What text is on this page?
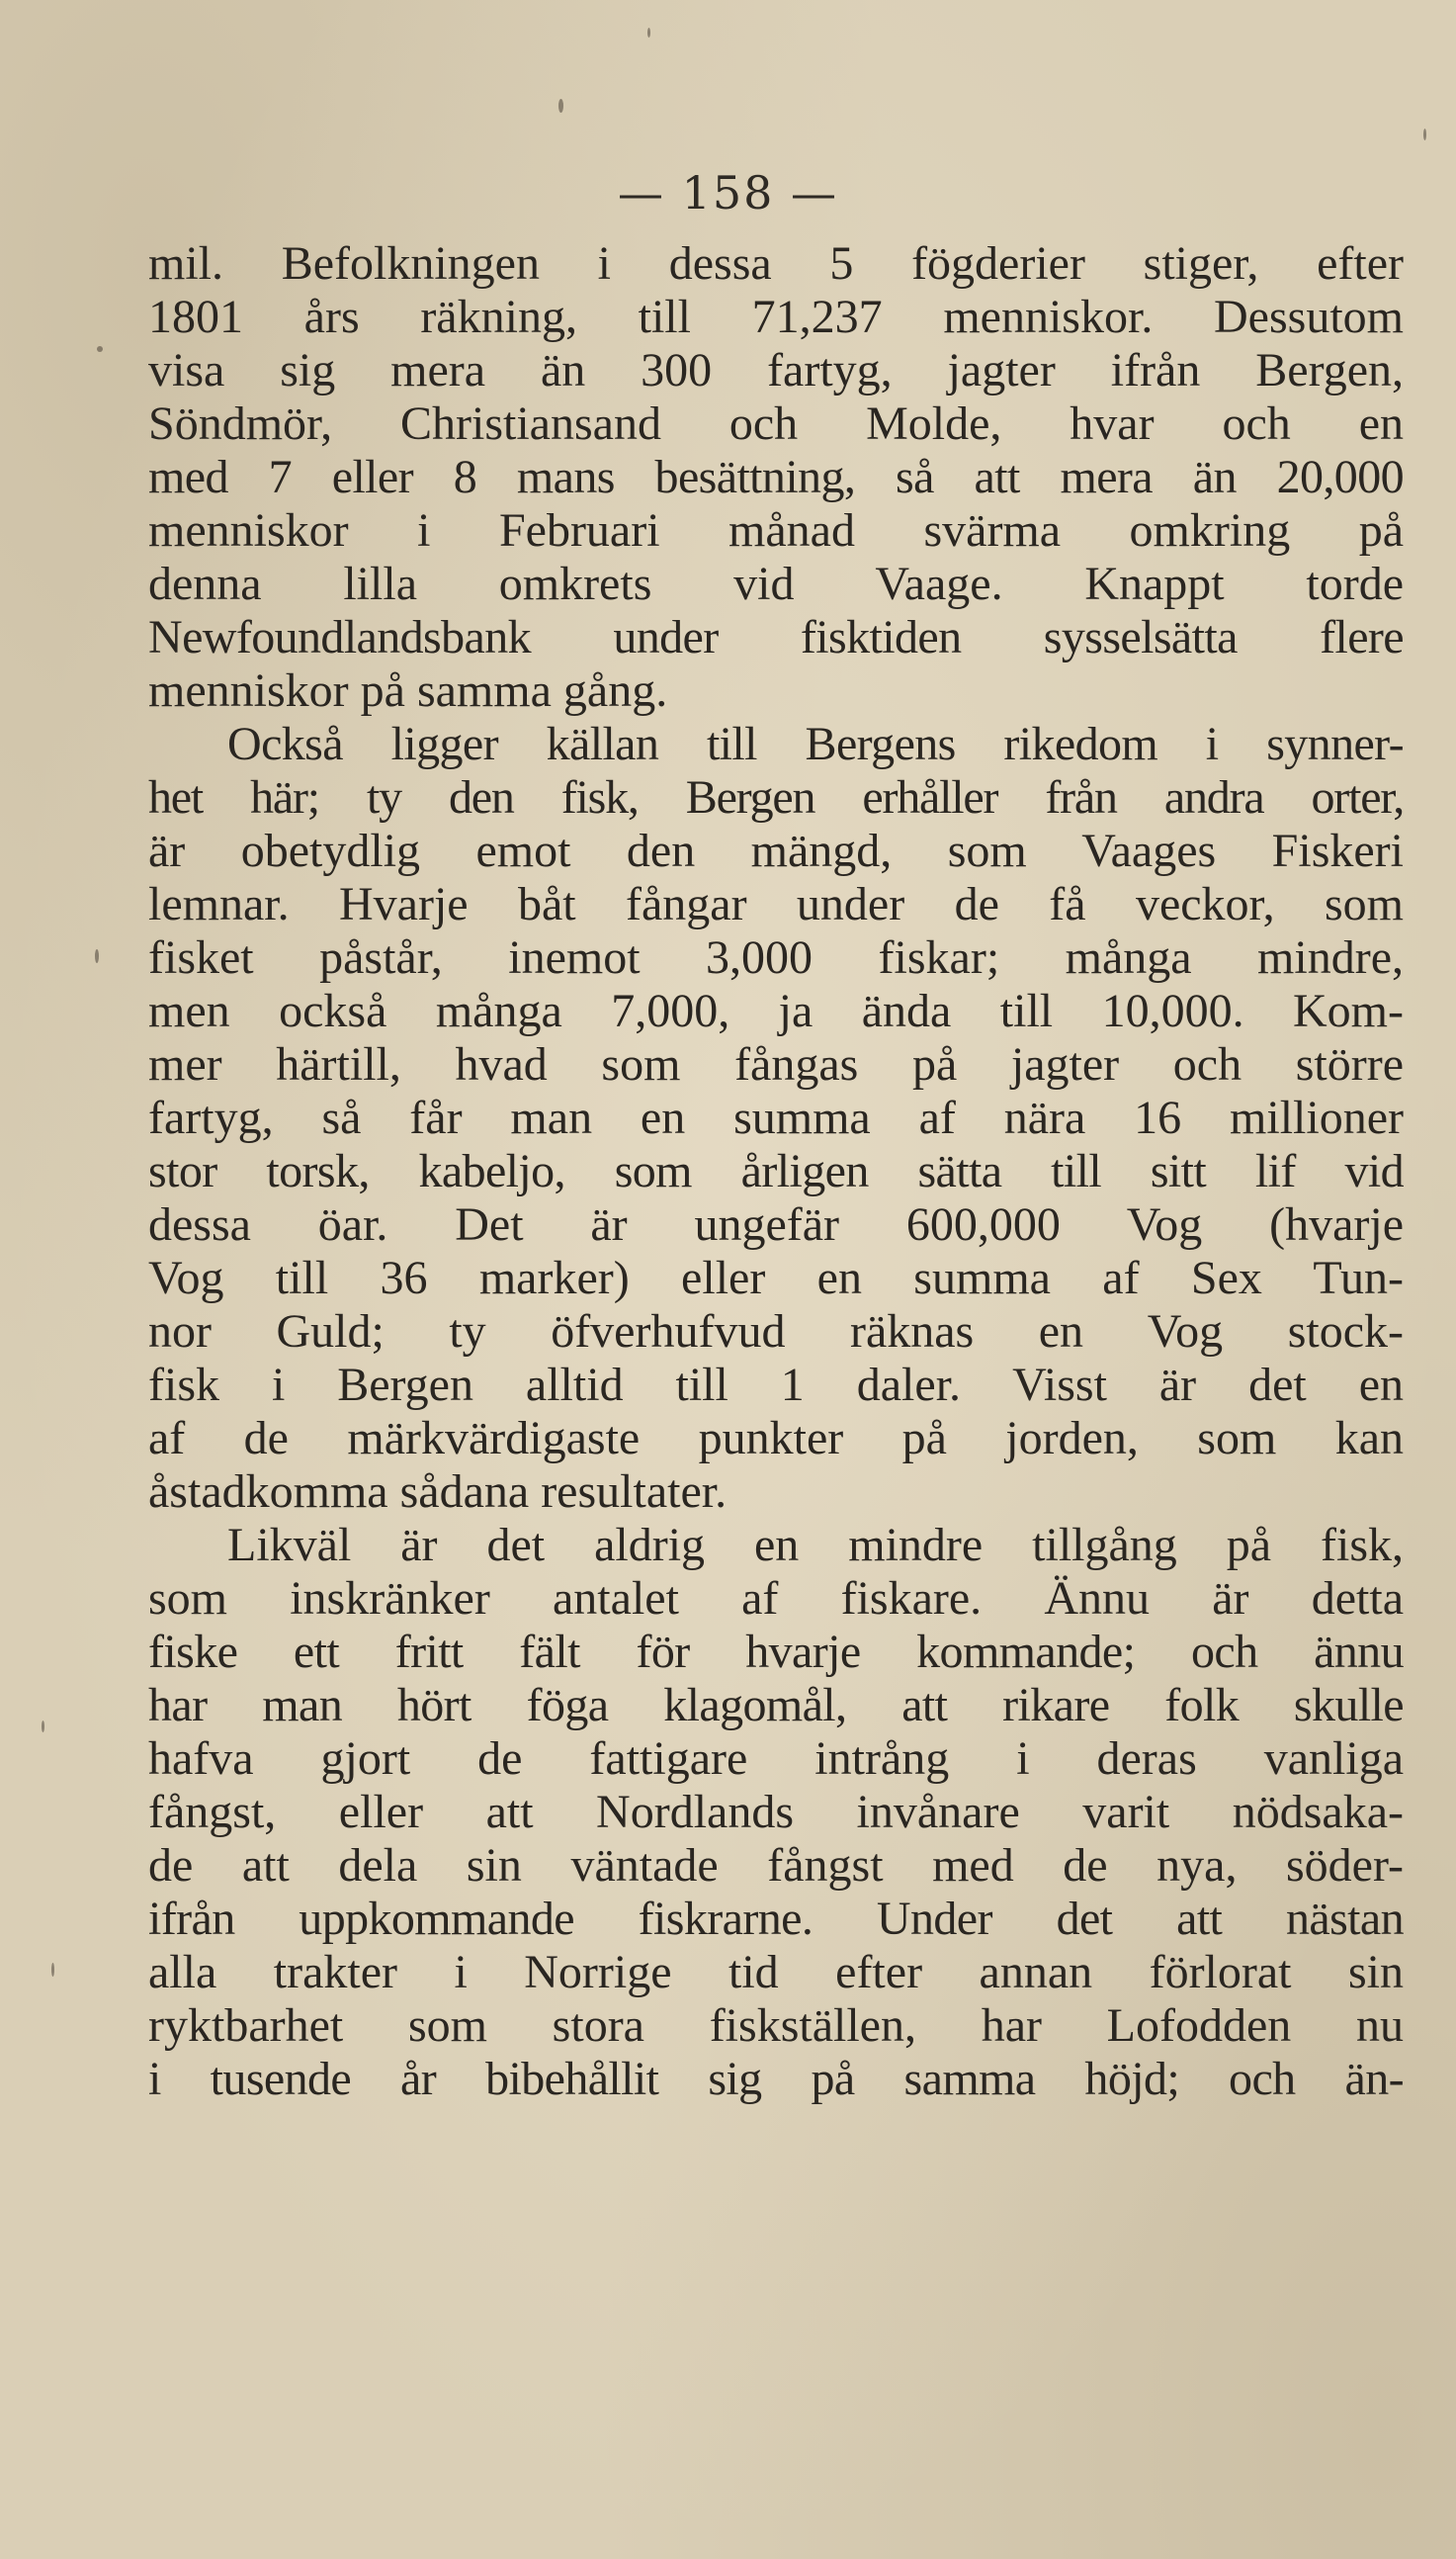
— 158 —
mil. Befolkningen i dessa 5 fögderier stiger, efter
1801 års räkning, till 71,237 menniskor. Dessutom
visa sig mera än 300 fartyg, jagter ifrån Bergen,
Söndmör, Christiansand och Molde, hvar och en
med 7 eller 8 mans besättning, så att mera än 20,000
menniskor i Februari månad svärma omkring på
denna lilla omkrets vid Vaage. Knappt torde
Newfoundlandsbank under fisktiden sysselsätta flere
menniskor på samma gång.
Också ligger källan till Bergens rikedom i synner-
het här; ty den fisk, Bergen erhåller från andra orter,
är obetydlig emot den mängd, som Vaages Fiskeri
lemnar. Hvarje båt fångar under de få veckor, som
fisket påstår, inemot 3,000 fiskar; många mindre,
men också många 7,000, ja ända till 10,000. Kom-
mer härtill, hvad som fångas på jagter och större
fartyg, så får man en summa af nära 16 millioner
stor torsk, kabeljo, som årligen sätta till sitt lif vid
dessa öar. Det är ungefär 600,000 Vog (hvarje
Vog till 36 marker) eller en summa af Sex Tun-
nor Guld; ty öfverhufvud räknas en Vog stock-
fisk i Bergen alltid till 1 daler. Visst är det en
af de märkvärdigaste punkter på jorden, som kan
åstadkomma sådana resultater.
Likväl är det aldrig en mindre tillgång på fisk,
som inskränker antalet af fiskare. Ännu är detta
fiske ett fritt fält för hvarje kommande; och ännu
har man hört föga klagomål, att rikare folk skulle
hafva gjort de fattigare intrång i deras vanliga
fångst, eller att Nordlands invånare varit nödsaka-
de att dela sin väntade fångst med de nya, söder-
ifrån uppkommande fiskrarne. Under det att nästan
alla trakter i Norrige tid efter annan förlorat sin
ryktbarhet som stora fiskställen, har Lofodden nu
i tusende år bibehållit sig på samma höjd; och än-
